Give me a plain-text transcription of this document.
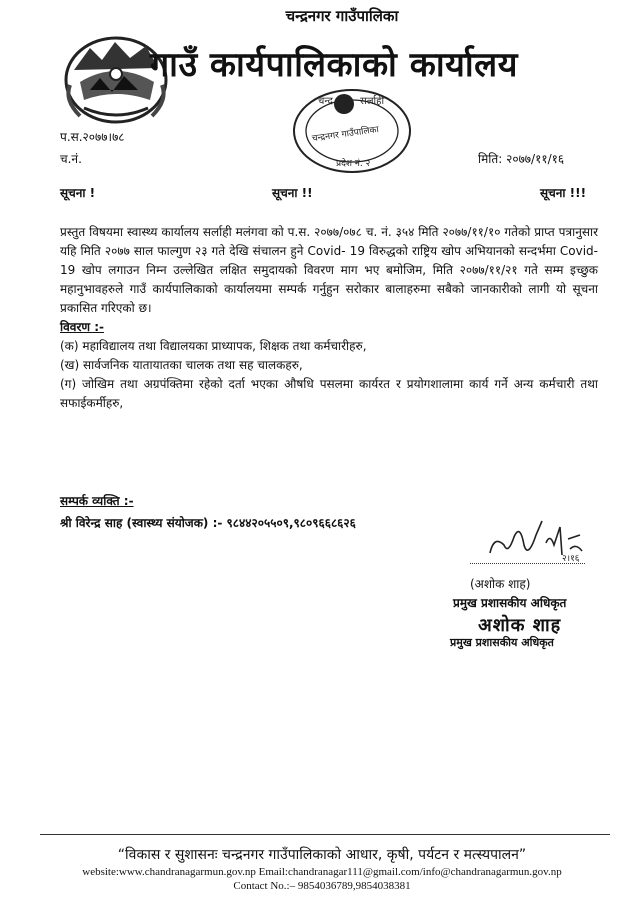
चन्द्रनगर गाउँपालिका
गाउँ कार्यपालिकाको कार्यालय
चन्द्र	सर्लाही
चन्द्रनगर गाउँपालिका
प्रदेश नं. २
प.स.२०७७।७८
च.नं.	मिति: २०७७/११/१६
सूचना !	सूचना !!	सूचना !!!

प्रस्तुत विषयमा स्वास्थ्य कार्यालय सर्लाही मलंगवा को प.स. २०७७/०७८ च. नं. ३५४ मिति २०७७/११/१० गतेको प्राप्त पत्रानुसार यहि मिति २०७७ साल फाल्गुण २३ गते देखि संचालन हुने Covid- 19 विरुद्धको राष्ट्रिय खोप अभियानको सन्दर्भमा Covid- 19 खोप लगाउन निम्न उल्लेखित लक्षित समुदायको विवरण माग भए बमोजिम, मिति २०७७/११/२१ गते सम्म इच्छुक महानुभावहरुले गाउँ कार्यपालिकाको कार्यालयमा सम्पर्क गर्नुहुन सरोकार बालाहरुमा सबैको जानकारीको लागी यो सूचना प्रकासित गरिएको छ।

विवरण :-
(क) महाविद्यालय तथा विद्यालयका प्राध्यापक, शिक्षक तथा कर्मचारीहरु,
(ख) सार्वजनिक यातायातका चालक तथा सह चालकहरु,
(ग) जोखिम तथा अग्रपंक्तिमा रहेको दर्ता भएका औषधि पसलमा कार्यरत र प्रयोगशालामा कार्य गर्ने अन्य कर्मचारी तथा सफाईकर्मीहरु,
सम्पर्क व्यक्ति :-
श्री विरेन्द्र साह (स्वास्थ्य संयोजक) :- ९८४४२०५५०९,९८०९६६८६२६
२।१६
(अशोक शाह)
प्रमुख प्रशासकीय अधिकृत
अशोक शाह
प्रमुख प्रशासकीय अधिकृत
“विकास र सुशासनः चन्द्रनगर गाउँपालिकाको आधार, कृषी, पर्यटन र मत्स्यपालन”
website:www.chandranagarmun.gov.np Email:chandranagar111@gmail.com/info@chandranagarmun.gov.np
Contact No.:– 9854036789,9854038381
